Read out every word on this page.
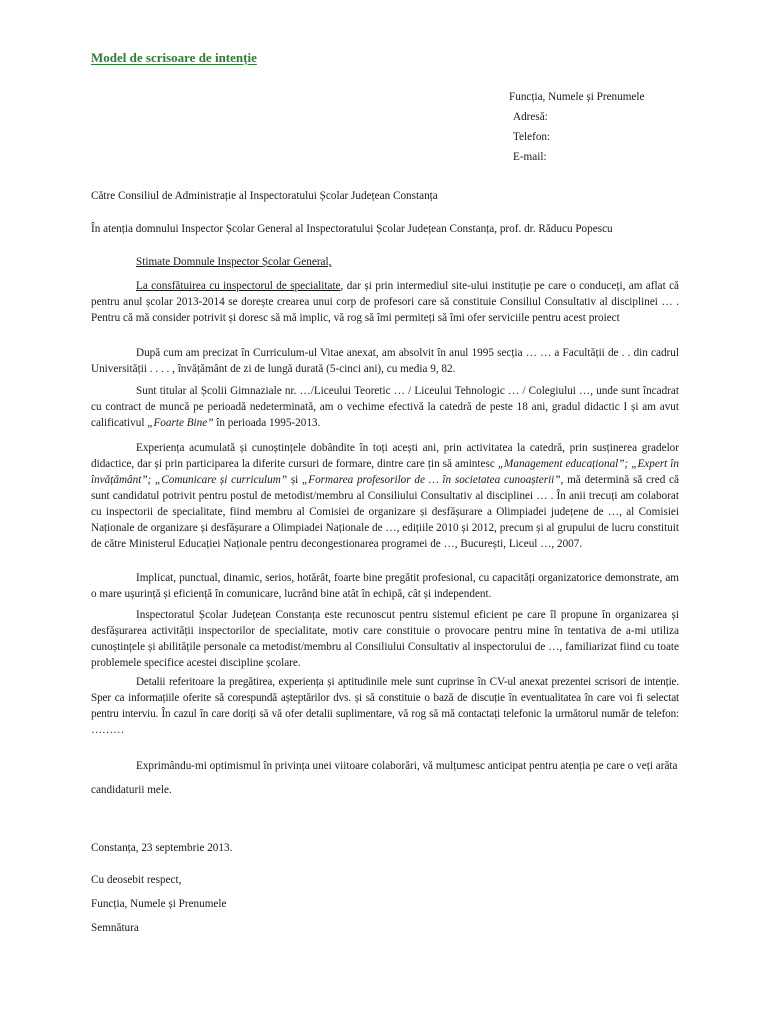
Model de scrisoare de intenție
Funcția, Numele și Prenumele
Adresă:
Telefon:
E-mail:
Către Consiliul de Administrație al Inspectoratului Școlar Județean Constanța
În atenția domnului Inspector Școlar General al Inspectoratului Școlar Județean Constanța, prof. dr. Răducu Popescu
Stimate Domnule Inspector Școlar General,
La consfătuirea cu inspectorul de specialitate, dar și prin intermediul site-ului instituție pe care o conduceți, am aflat că pentru anul școlar 2013-2014 se dorește crearea unui corp de profesori care să constituie Consiliul Consultativ al disciplinei … . Pentru că mă consider potrivit și doresc să mă implic, vă rog să îmi permiteți să îmi ofer serviciile pentru acest proiect
După cum am precizat în Curriculum-ul Vitae anexat, am absolvit în anul 1995 secția … … a Facultății de . . din cadrul Universității . . . . , învățământ de zi de lungă durată (5-cinci ani), cu media 9, 82.
Sunt titular al Școlii Gimnaziale nr. …/Liceului Teoretic … / Liceului Tehnologic … / Colegiului …, unde sunt încadrat cu contract de muncă pe perioadă nedeterminată, am o vechime efectivă la catedră de peste 18 ani, gradul didactic I și am avut calificativul „Foarte Bine” în perioada 1995-2013.
Experiența acumulată și cunoștințele dobândite în toți acești ani, prin activitatea la catedră, prin susținerea gradelor didactice, dar și prin participarea la diferite cursuri de formare, dintre care țin să amintesc „Management educațional”; „Expert în învățământ”; „Comunicare și curriculum” și „Formarea profesorilor de … în societatea cunoașterii”, mă determină să cred că sunt candidatul potrivit pentru postul de metodist/membru al Consiliului Consultativ al disciplinei … . În anii trecuți am colaborat cu inspectorii de specialitate, fiind membru al Comisiei de organizare și desfășurare a Olimpiadei județene de …, al Comisiei Naționale de organizare și desfășurare a Olimpiadei Naționale de …, edițiile 2010 și 2012, precum și al grupului de lucru constituit de către Ministerul Educației Naționale pentru decongestionarea programei de …, București, Liceul …, 2007.
Implicat, punctual, dinamic, serios, hotărât, foarte bine pregătit profesional, cu capacități organizatorice demonstrate, am o mare ușurință și eficiență în comunicare, lucrând bine atât în echipă, cât și independent.
Inspectoratul Școlar Județean Constanța este recunoscut pentru sistemul eficient pe care îl propune în organizarea și desfășurarea activității inspectorilor de specialitate, motiv care constituie o provocare pentru mine în tentativa de a-mi utiliza cunoștințele și abilitățile personale ca metodist/membru al Consiliului Consultativ al inspectorului de …, familiarizat fiind cu toate problemele specifice acestei discipline școlare.
Detalii referitoare la pregătirea, experiența și aptitudinile mele sunt cuprinse în CV-ul anexat prezentei scrisori de intenție. Sper ca informațiile oferite să corespundă așteptărilor dvs. și să constituie o bază de discuție în eventualitatea în care voi fi selectat pentru interviu. În cazul în care doriți să vă ofer detalii suplimentare, vă rog să mă contactați telefonic la următorul număr de telefon: ………
Exprimându-mi optimismul în privința unei viitoare colaborări, vă mulțumesc anticipat pentru atenția pe care o veți arăta candidaturii mele.
Constanța, 23 septembrie 2013.
Cu deosebit respect,
Funcția, Numele și Prenumele
Semnătura
